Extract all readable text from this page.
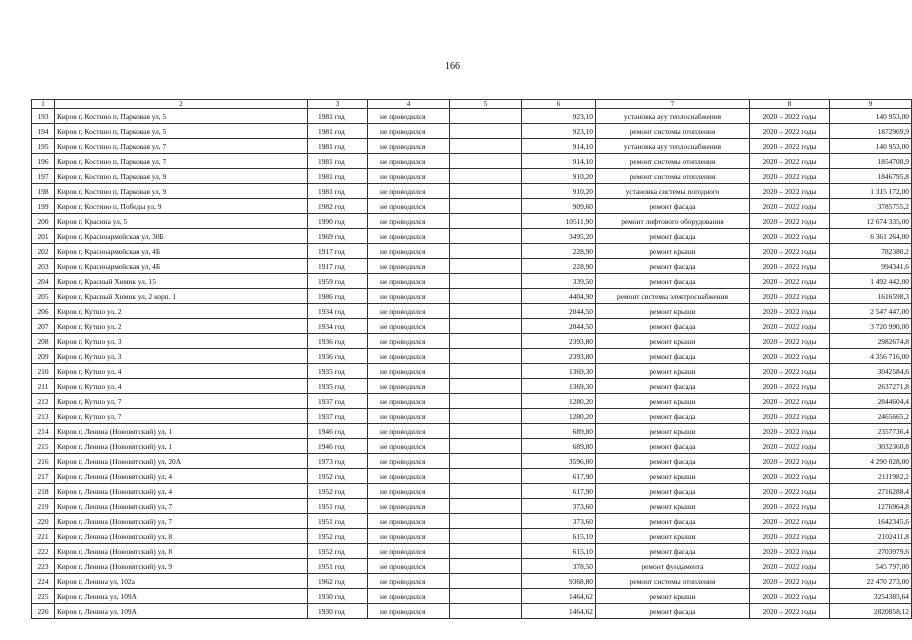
166
1	2	3	4	5	6	7	8	9
193	Киров г, Костино п, Парковая ул, 5	1981 год	не проводился		923,10	установка ауу теплоснабжения	2020 – 2022 годы	140 953,00
194	Киров г, Костино п, Парковая ул, 5	1981 год	не проводился		923,10	ремонт системы отопления	2020 – 2022 годы	1872969,9
195	Киров г, Костино п, Парковая ул, 7	1981 год	не проводился		914,10	установка ауу теплоснабжения	2020 – 2022 годы	140 953,00
196	Киров г, Костино п, Парковая ул, 7	1981 год	не проводился		914,10	ремонт системы отопления	2020 – 2022 годы	1854708,9
197	Киров г, Костино п, Парковая ул, 9	1981 год	не проводился		910,20	ремонт системы отопления	2020 – 2022 годы	1846795,8
198	Киров г, Костино п, Парковая ул, 9	1981 год	не проводился		910,20	установка системы погодного	2020 – 2022 годы	1 315 172,00
199	Киров г, Костино п, Победы ул, 9	1982 год	не проводился		909,60	ремонт фасада	2020 – 2022 годы	3785755,2
200	Киров г, Красина ул, 5	1990 год	не проводился		10511,90	ремонт лифтового оборудования	2020 – 2022 годы	12 674 335,00
201	Киров г, Красноармейская ул, 30Б	1969 год	не проводился		3495,20	ремонт фасада	2020 – 2022 годы	6 361 264,00
202	Киров г, Красноармейская ул, 4Б	1917 год	не проводился		228,90	ремонт крыши	2020 – 2022 годы	782380,2
203	Киров г, Красноармейская ул, 4Б	1917 год	не проводился		228,90	ремонт фасада	2020 – 2022 годы	994341,6
204	Киров г, Красный Химик ул, 15	1959 год	не проводился		339,50	ремонт фасада	2020 – 2022 годы	1 492 442,00
205	Киров г, Красный Химик ул, 2 корп. 1	1986 год	не проводился		4404,90	ремонт системы электроснабжения	2020 – 2022 годы	1616598,3
206	Киров г, Кутшо ул, 2	1934 год	не проводился		2044,50	ремонт крыши	2020 – 2022 годы	2 547 447,00
207	Киров г, Кутшо ул, 2	1934 год	не проводился		2044,50	ремонт фасада	2020 – 2022 годы	3 720 990,00
208	Киров г, Кутшо ул, 3	1936 год	не проводился		2393,80	ремонт крыши	2020 – 2022 годы	2982674,8
209	Киров г, Кутшо ул, 3	1936 год	не проводился		2393,80	ремонт фасада	2020 – 2022 годы	4 356 716,00
210	Киров г, Кутшо ул, 4	1935 год	не проводился		1369,30	ремонт крыши	2020 – 2022 годы	3042584,6
211	Киров г, Кутшо ул, 4	1935 год	не проводился		1369,30	ремонт фасада	2020 – 2022 годы	2637271,8
212	Киров г, Кутшо ул, 7	1937 год	не проводился		1280,20	ремонт крыши	2020 – 2022 годы	2844604,4
213	Киров г, Кутшо ул, 7	1937 год	не проводился		1280,20	ремонт фасада	2020 – 2022 годы	2465665,2
214	Киров г, Ленина (Нововятский) ул, 1	1946 год	не проводился		689,80	ремонт крыши	2020 – 2022 годы	2357736,4
215	Киров г, Ленина (Нововятский) ул, 1	1946 год	не проводился		689,80	ремонт фасада	2020 – 2022 годы	3032360,8
216	Киров г, Ленина (Нововятский) ул, 20А	1973 год	не проводился		3596,00	ремонт фасада	2020 – 2022 годы	4 290 028,00
217	Киров г, Ленина (Нововятский) ул, 4	1952 год	не проводился		617,90	ремонт крыши	2020 – 2022 годы	2111982,2
218	Киров г, Ленина (Нововятский) ул, 4	1952 год	не проводился		617,90	ремонт фасада	2020 – 2022 годы	2716288,4
219	Киров г, Ленина (Нововятский) ул, 7	1951 год	не проводился		373,60	ремонт крыши	2020 – 2022 годы	1276964,8
220	Киров г, Ленина (Нововятский) ул, 7	1951 год	не проводился		373,60	ремонт фасада	2020 – 2022 годы	1642345,6
221	Киров г, Ленина (Нововятский) ул, 8	1952 год	не проводился		615,10	ремонт крыши	2020 – 2022 годы	2102411,8
222	Киров г, Ленина (Нововятский) ул, 8	1952 год	не проводился		615,10	ремонт фасада	2020 – 2022 годы	2703979,6
223	Киров г, Ленина (Нововятский) ул, 9	1951 год	не проводился		378,50	ремонт фундамента	2020 – 2022 годы	545 797,00
224	Киров г, Ленина ул, 102а	1962 год	не проводился		9368,80	ремонт системы отопления	2020 – 2022 годы	22 470 273,00
225	Киров г, Ленина ул, 109А	1930 год	не проводился		1464,62	ремонт крыши	2020 – 2022 годы	3254385,64
226	Киров г, Ленина ул, 109А	1930 год	не проводился		1464,62	ремонт фасада	2020 – 2022 годы	2820858,12
